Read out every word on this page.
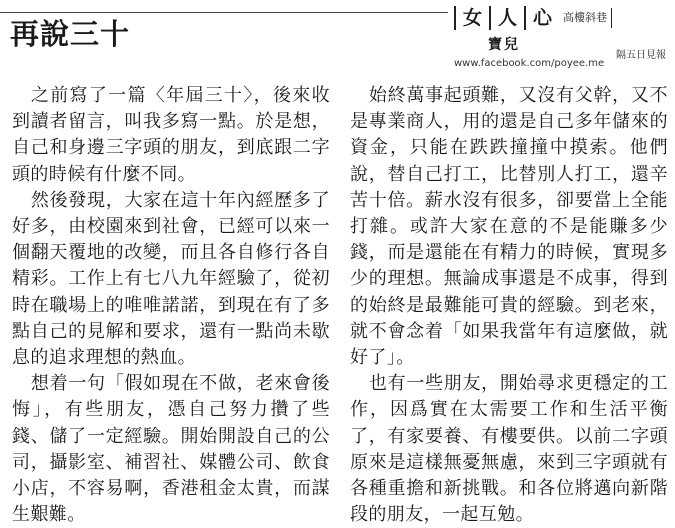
再說三十	女 人 心	高樓斜巷
寶兒
隔五日見報
www.facebook.com/poyee.me

之前寫了一篇〈年屆三十〉，後來收到讀者留言，叫我多寫一點。於是想，自己和身邊三字頭的朋友，到底跟二字頭的時候有什麼不同。

然後發現，大家在這十年內經歷多了好多，由校園來到社會，已經可以來一個翻天覆地的改變，而且各自修行各自精彩。工作上有七八九年經驗了，從初時在職場上的唯唯諾諾，到現在有了多點自己的見解和要求，還有一點尚未歇息的追求理想的熱血。

想着一句「假如現在不做，老來會後悔」，有些朋友，憑自己努力攢了些錢、儲了一定經驗。開始開設自己的公司，攝影室、補習社、媒體公司、飲食小店，不容易啊，香港租金太貴，而謀生艱難。

始終萬事起頭難，又沒有父幹，又不是專業商人，用的還是自己多年儲來的資金，只能在跌跌撞撞中摸索。他們說，替自己打工，比替別人打工，還辛苦十倍。薪水沒有很多，卻要當上全能打雜。或許大家在意的不是能賺多少錢，而是還能在有精力的時候，實現多少的理想。無論成事還是不成事，得到的始終是最難能可貴的經驗。到老來，就不會念着「如果我當年有這麼做，就好了」。

也有一些朋友，開始尋求更穩定的工作，因爲實在太需要工作和生活平衡了，有家要養、有樓要供。以前二字頭原來是這樣無憂無慮，來到三字頭就有各種重擔和新挑戰。和各位將邁向新階段的朋友，一起互勉。
